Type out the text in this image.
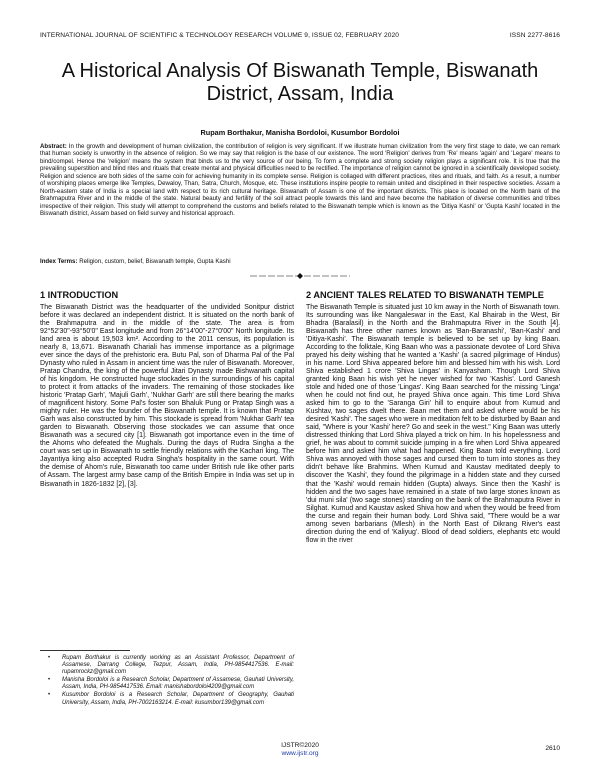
INTERNATIONAL JOURNAL OF SCIENTIFIC & TECHNOLOGY RESEARCH VOLUME 9, ISSUE 02, FEBRUARY 2020	ISSN 2277-8616
A Historical Analysis Of Biswanath Temple, Biswanath District, Assam, India
Rupam Borthakur, Manisha Bordoloi, Kusumbor Bordoloi

Abstract: In the growth and development of human civilization, the contribution of religion is very significant. If we illustrate human civilization from the very first stage to date, we can remark that human society is unworthy in the absence of religion. So we may say that religion is the base of our existence. The word 'Religion' derives from 'Re' means 'again' and 'Legare' means to bind/compel. Hence the 'religion' means the system that binds us to the very source of our being. To form a complete and strong society religion plays a significant role. It is true that the prevailing superstition and blind rites and rituals that create mental and physical difficulties need to be rectified. The importance of religion cannot be ignored in a scientifically developed society. Religion and science are both sides of the same coin for achieving humanity in its complete sense. Religion is collaged with different practices, rites and rituals, and faith. As a result, a number of worshiping places emerge like Temples, Dewaloy, Than, Satra, Church, Mosque, etc. These institutions inspire people to remain united and disciplined in their respective societies. Assam a North-eastern state of India is a special land with respect to its rich cultural heritage. Biswanath of Assam is one of the important districts. This place is located on the North bank of the Brahmaputra River and in the middle of the state. Natural beauty and fertility of the soil attract people towards this land and have become the habitation of diverse communities and tribes irrespective of their religion. This study will attempt to comprehend the customs and beliefs related to the Biswanath temple which is known as the 'Ditiya Kashi' or 'Gupta Kashi' located in the Biswanath district, Assam based on field survey and historical approach.

Index Terms: Religion, custom, belief, Biswanath temple, Gupta Kashi

1 INTRODUCTION

The Biswanath District was the headquarter of the undivided Sonitpur district before it was declared an independent district. It is situated on the north bank of the Brahmaputra and in the middle of the state. The area is from 92°52'30"-93°50'0" East longitude and from 26°14'00"-27°0'00" North longitude. Its land area is about 19,503 km². According to the 2011 census, its population is nearly 8, 13,671. Biswanath Chariali has immense importance as a pilgrimage ever since the days of the prehistoric era. Butu Pal, son of Dharma Pal of the Pal Dynasty who ruled in Assam in ancient time was the ruler of Biswanath. Moreover, Pratap Chandra, the king of the powerful Jitari Dynasty made Bishwanath capital of his kingdom. He constructed huge stockades in the surroundings of his capital to protect it from attacks of the invaders. The remaining of those stockades like historic 'Pratap Garh', 'Majuli Garh', 'Nukhar Garh' are still there bearing the marks of magnificent history. Some Pal's foster son Bhaluk Pung or Pratap Singh was a mighty ruler. He was the founder of the Biswanath temple. It is known that Pratap Garh was also constructed by him. This stockade is spread from 'Nukhar Garh' tea garden to Biswanath. Observing those stockades we can assume that once Biswanath was a secured city [1]. Biswanath got importance even in the time of the Ahoms who defeated the Mughals. During the days of Rudra Singha a the court was set up in Biswanath to settle friendly relations with the Kachari king. The Jayantiya king also accepted Rudra Singha's hospitality in the same court. With the demise of Ahom's rule, Biswanath too came under British rule like other parts of Assam. The largest army base camp of the British Empire in India was set up in Biswanath in 1826-1832 [2], [3].

• Rupam Borthakur is currently working as an Assistant Professor, Department of Assamese, Darrang College, Tezpur, Assam, India, PH-9854417536. E-mail: rupamrockz@gmail.com
• Manisha Bordoloi is a Research Scholar, Department of Assamese, Gauhati University, Assam, India, PH-9854417536. Email: manishabordoloi4209@gmail.com
• Kusumbor Bordoloi is a Research Scholar, Department of Geography, Gauhati University, Assam, India, PH-7002163214. E-mail: kusumbor139@gmail.com
2 ANCIENT TALES RELATED TO BISWANATH TEMPLE

The Biswanath Temple is situated just 10 km away in the North of Biswanath town. Its surrounding was like Nangaleswar in the East, Kal Bhairab in the West, Bir Bhadra (Baralasil) in the North and the Brahmaputra River in the South [4]. Biswanath has three other names known as 'Ban-Baranashi', 'Ban-Kashi' and 'Ditiya-Kashi'. The Biswanath temple is believed to be set up by king Baan. According to the folktale, King Baan who was a passionate devotee of Lord Shiva prayed his deity wishing that he wanted a 'Kashi' (a sacred pilgrimage of Hindus) in his name. Lord Shiva appeared before him and blessed him with his wish. Lord Shiva established 1 crore 'Shiva Lingas' in Kanyasham. Though Lord Shiva granted king Baan his wish yet he never wished for two 'Kashis'. Lord Ganesh stole and hided one of those 'Lingas'. King Baan searched for the missing 'Linga' when he could not find out, he prayed Shiva once again. This time Lord Shiva asked him to go to the 'Saranga Giri' hill to enquire about from Kumud and Kushtav, two sages dwelt there. Baan met them and asked where would be his desired 'Kashi'. The sages who were in meditation felt to be disturbed by Baan and said, "Where is your 'Kashi' here? Go and seek in the west." King Baan was utterly distressed thinking that Lord Shiva played a trick on him. In his hopelessness and grief, he was about to commit suicide jumping in a fire when Lord Shiva appeared before him and asked him what had happened. King Baan told everything. Lord Shiva was annoyed with those sages and cursed them to turn into stones as they didn't behave like Brahmins. When Kumud and Kaustav meditated deeply to discover the 'Kashi', they found the pilgrimage in a hidden state and they cursed that the 'Kashi' would remain hidden (Gupta) always. Since then the 'Kashi' is hidden and the two sages have remained in a state of two large stones known as 'dui muni sila' (two sage stones) standing on the bank of the Brahmaputra River in Silghat. Kumud and Kaustav asked Shiva how and when they would be freed from the curse and regain their human body. Lord Shiva said, "There would be a war among seven barbarians (Mlesh) in the North East of Dikrang River's east direction during the end of 'Kaliyug'. Blood of dead soldiers, elephants etc would flow in the river

IJSTR©2020
www.ijstr.org
2610
